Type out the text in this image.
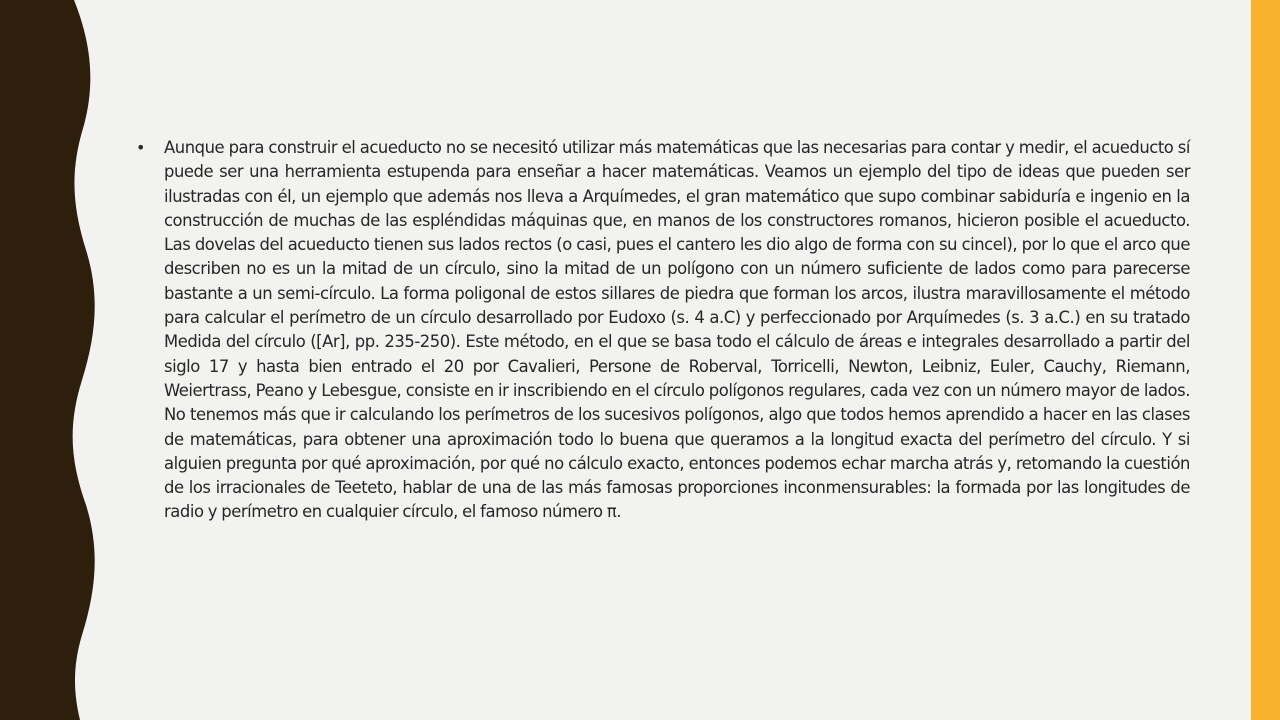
•	Aunque para construir el acueducto no se necesitó utilizar más matemáticas que las necesarias para contar y medir, el acueducto sí puede ser una herramienta estupenda para enseñar a hacer matemáticas. Veamos un ejemplo del tipo de ideas que pueden ser ilustradas con él, un ejemplo que además nos lleva a Arquímedes, el gran matemático que supo combinar sabiduría e ingenio en la construcción de muchas de las espléndidas máquinas que, en manos de los constructores romanos, hicieron posible el acueducto. Las dovelas del acueducto tienen sus lados rectos (o casi, pues el cantero les dio algo de forma con su cincel), por lo que el arco que describen no es un la mitad de un círculo, sino la mitad de un polígono con un número suficiente de lados como para parecerse bastante a un semi-círculo. La forma poligonal de estos sillares de piedra que forman los arcos, ilustra maravillosamente el método para calcular el perímetro de un círculo desarrollado por Eudoxo (s. 4 a.C) y perfeccionado por Arquímedes (s. 3 a.C.) en su tratado Medida del círculo ([Ar], pp. 235-250). Este método, en el que se basa todo el cálculo de áreas e integrales desarrollado a partir del siglo 17 y hasta bien entrado el 20 por Cavalieri, Persone de Roberval, Torricelli, Newton, Leibniz, Euler, Cauchy, Riemann, Weiertrass, Peano y Lebesgue, consiste en ir inscribiendo en el círculo polígonos regulares, cada vez con un número mayor de lados. No tenemos más que ir calculando los perímetros de los sucesivos polígonos, algo que todos hemos aprendido a hacer en las clases de matemáticas, para obtener una aproximación todo lo buena que queramos a la longitud exacta del perímetro del círculo. Y si alguien pregunta por qué aproximación, por qué no cálculo exacto, entonces podemos echar marcha atrás y, retomando la cuestión de los irracionales de Teeteto, hablar de una de las más famosas proporciones inconmensurables: la formada por las longitudes de radio y perímetro en cualquier círculo, el famoso número π.
